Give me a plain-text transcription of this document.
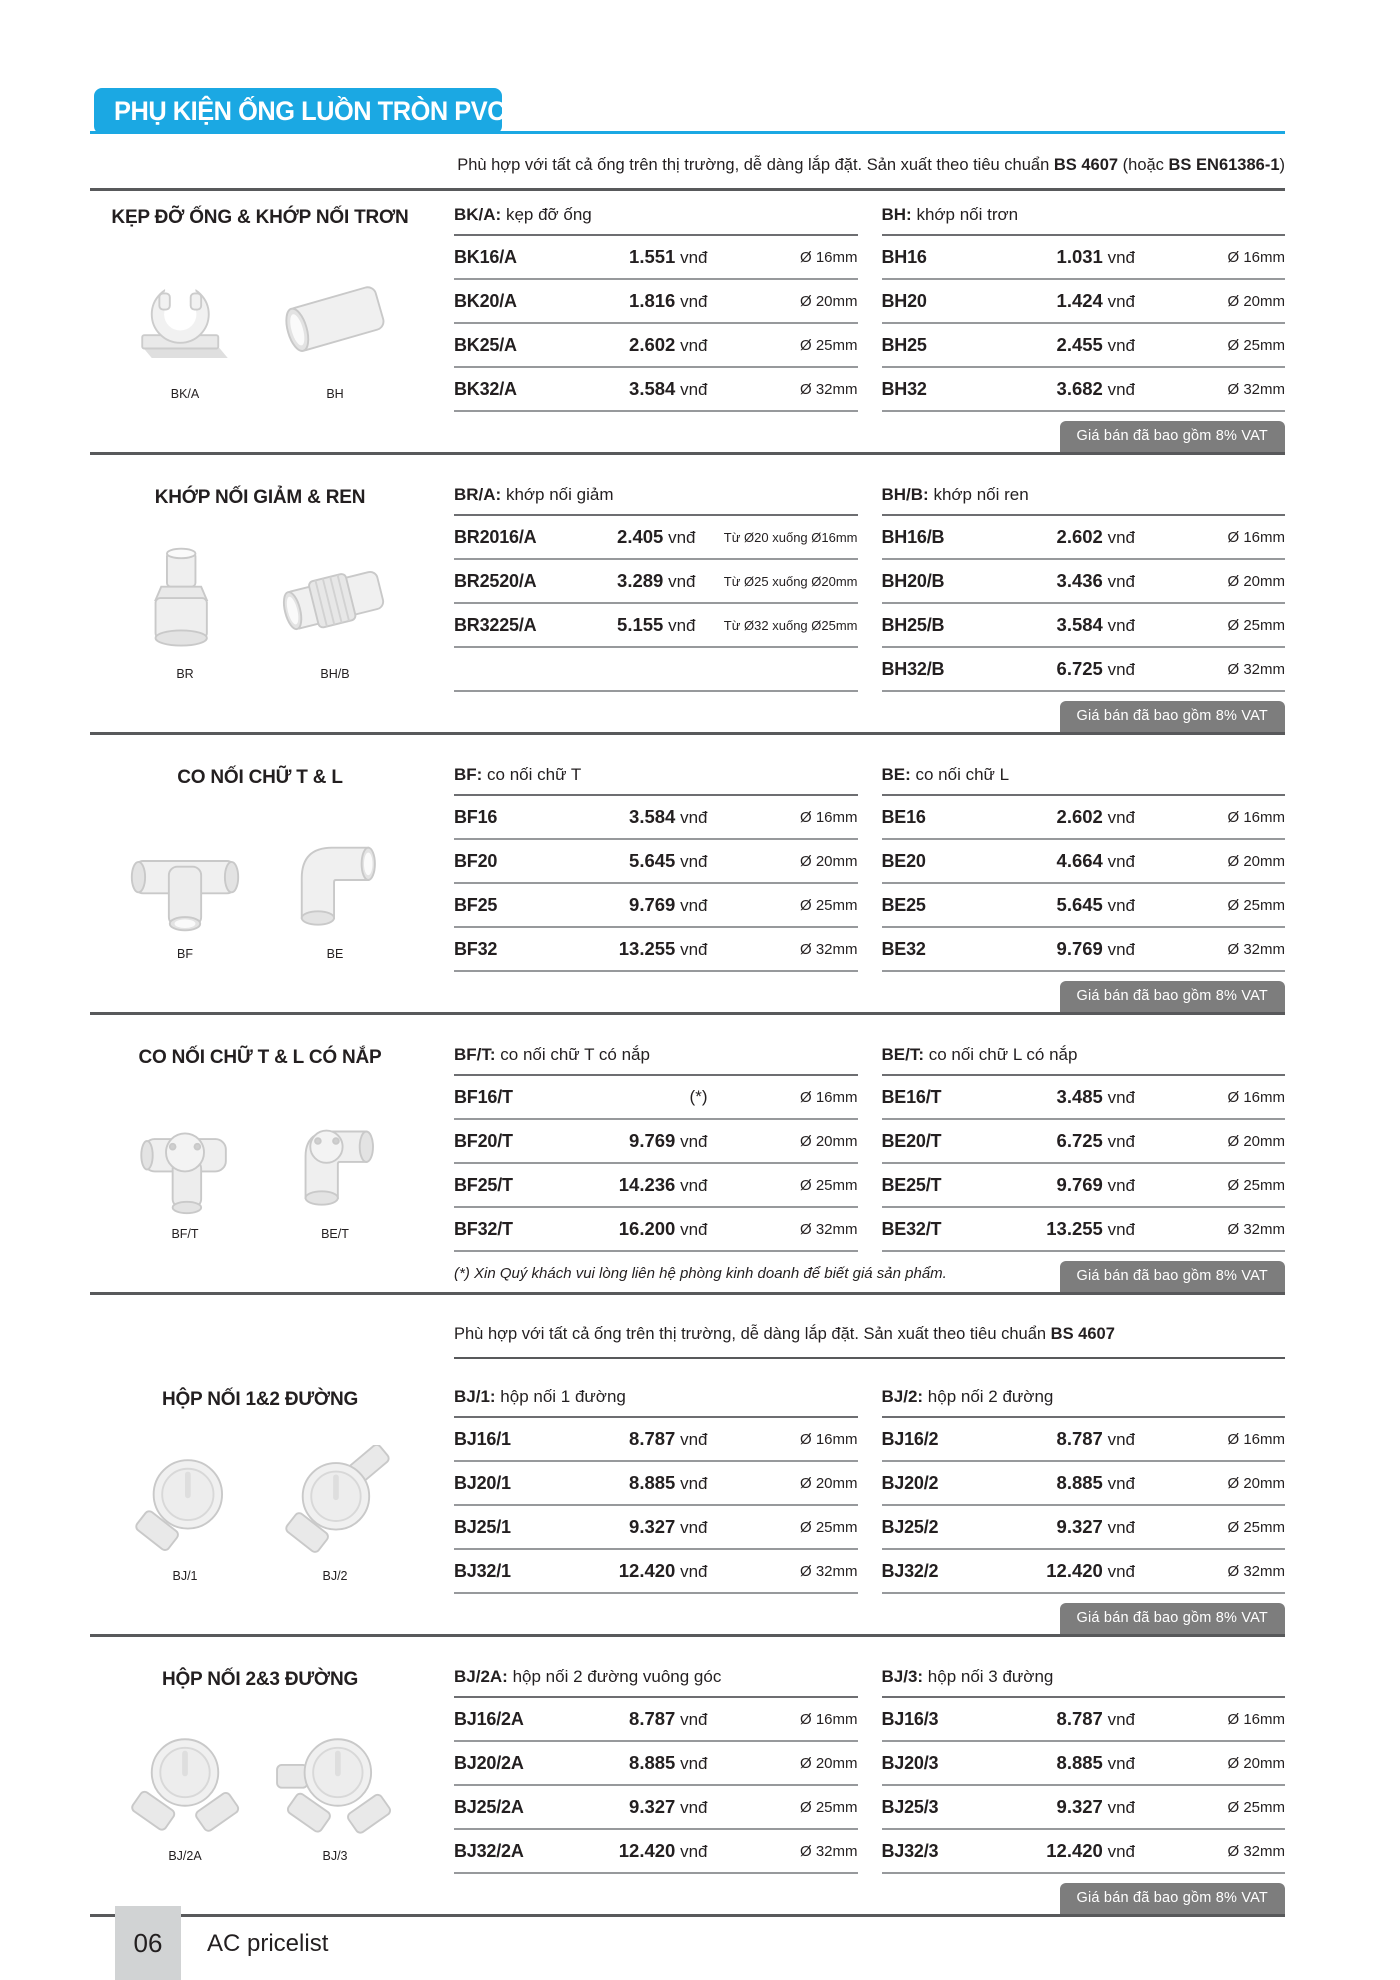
PHỤ KIỆN ỐNG LUỒN TRÒN PVC

Phù hợp với tất cả ống trên thị trường, dễ dàng lắp đặt. Sản xuất theo tiêu chuẩn BS 4607 (hoặc BS EN61386-1)

KẸP ĐỠ ỐNG & KHỚP NỐI TRƠN
BK/A	BH
BK/A: kẹp đỡ ống
BK16/A	1.551 vnđ	Ø 16mm
BK20/A	1.816 vnđ	Ø 20mm
BK25/A	2.602 vnđ	Ø 25mm
BK32/A	3.584 vnđ	Ø 32mm
BH: khớp nối trơn
BH16	1.031 vnđ	Ø 16mm
BH20	1.424 vnđ	Ø 20mm
BH25	2.455 vnđ	Ø 25mm
BH32	3.682 vnđ	Ø 32mm
Giá bán đã bao gồm 8% VAT
KHỚP NỐI GIẢM & REN
BR	BH/B
BR/A: khớp nối giảm
BR2016/A	2.405 vnđ	Từ Ø20 xuống Ø16mm
BR2520/A	3.289 vnđ	Từ Ø25 xuống Ø20mm
BR3225/A	5.155 vnđ	Từ Ø32 xuống Ø25mm
BH/B: khớp nối ren
BH16/B	2.602 vnđ	Ø 16mm
BH20/B	3.436 vnđ	Ø 20mm
BH25/B	3.584 vnđ	Ø 25mm
BH32/B	6.725 vnđ	Ø 32mm
Giá bán đã bao gồm 8% VAT
CO NỐI CHỮ T & L
BF	BE
BF: co nối chữ T
BF16	3.584 vnđ	Ø 16mm
BF20	5.645 vnđ	Ø 20mm
BF25	9.769 vnđ	Ø 25mm
BF32	13.255 vnđ	Ø 32mm
BE: co nối chữ L
BE16	2.602 vnđ	Ø 16mm
BE20	4.664 vnđ	Ø 20mm
BE25	5.645 vnđ	Ø 25mm
BE32	9.769 vnđ	Ø 32mm
Giá bán đã bao gồm 8% VAT
CO NỐI CHỮ T & L CÓ NẮP
BF/T	BE/T
BF/T: co nối chữ T có nắp
BF16/T	(*)	Ø 16mm
BF20/T	9.769 vnđ	Ø 20mm
BF25/T	14.236 vnđ	Ø 25mm
BF32/T	16.200 vnđ	Ø 32mm
BE/T: co nối chữ L có nắp
BE16/T	3.485 vnđ	Ø 16mm
BE20/T	6.725 vnđ	Ø 20mm
BE25/T	9.769 vnđ	Ø 25mm
BE32/T	13.255 vnđ	Ø 32mm
(*) Xin Quý khách vui lòng liên hệ phòng kinh doanh để biết giá sản phẩm.	Giá bán đã bao gồm 8% VAT

Phù hợp với tất cả ống trên thị trường, dễ dàng lắp đặt. Sản xuất theo tiêu chuẩn BS 4607

HỘP NỐI 1&2 ĐƯỜNG
BJ/1	BJ/2
BJ/1: hộp nối 1 đường
BJ16/1	8.787 vnđ	Ø 16mm
BJ20/1	8.885 vnđ	Ø 20mm
BJ25/1	9.327 vnđ	Ø 25mm
BJ32/1	12.420 vnđ	Ø 32mm
BJ/2: hộp nối 2 đường
BJ16/2	8.787 vnđ	Ø 16mm
BJ20/2	8.885 vnđ	Ø 20mm
BJ25/2	9.327 vnđ	Ø 25mm
BJ32/2	12.420 vnđ	Ø 32mm
Giá bán đã bao gồm 8% VAT
HỘP NỐI 2&3 ĐƯỜNG
BJ/2A	BJ/3
BJ/2A: hộp nối 2 đường vuông góc
BJ16/2A	8.787 vnđ	Ø 16mm
BJ20/2A	8.885 vnđ	Ø 20mm
BJ25/2A	9.327 vnđ	Ø 25mm
BJ32/2A	12.420 vnđ	Ø 32mm
BJ/3: hộp nối 3 đường
BJ16/3	8.787 vnđ	Ø 16mm
BJ20/3	8.885 vnđ	Ø 20mm
BJ25/3	9.327 vnđ	Ø 25mm
BJ32/3	12.420 vnđ	Ø 32mm
Giá bán đã bao gồm 8% VAT
06 AC pricelist
